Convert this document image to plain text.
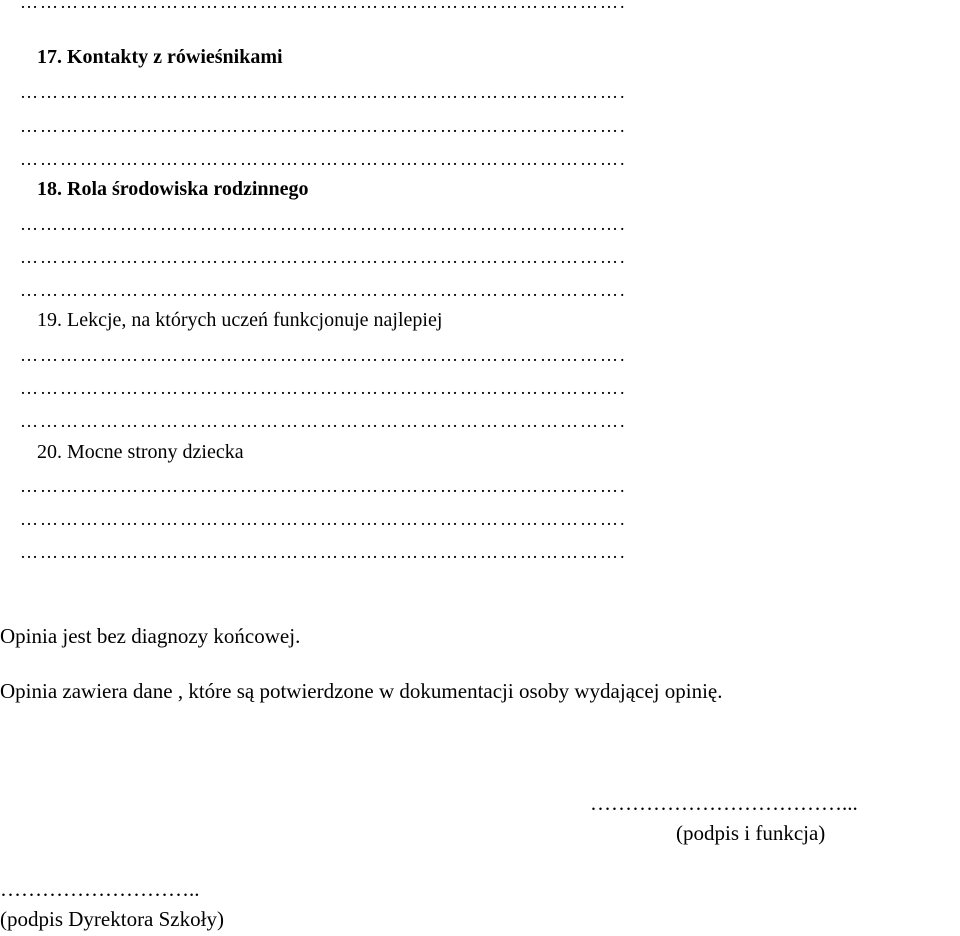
……………………………………………………………………………….
17. Kontakty z rówieśnikami
……………………………………………………………………………….
……………………………………………………………………………….
……………………………………………………………………………….
18. Rola środowiska rodzinnego
……………………………………………………………………………….
……………………………………………………………………………….
……………………………………………………………………………….
19. Lekcje, na których uczeń funkcjonuje najlepiej
……………………………………………………………………………….
……………………………………………………………………………….
……………………………………………………………………………….
20. Mocne strony dziecka
……………………………………………………………………………….
……………………………………………………………………………….
……………………………………………………………………………….
Opinia jest bez diagnozy końcowej.
Opinia zawiera dane , które są potwierdzone w dokumentacji osoby wydającej opinię.
………………………………...
(podpis i funkcja)
………………………..
(podpis Dyrektora Szkoły)
